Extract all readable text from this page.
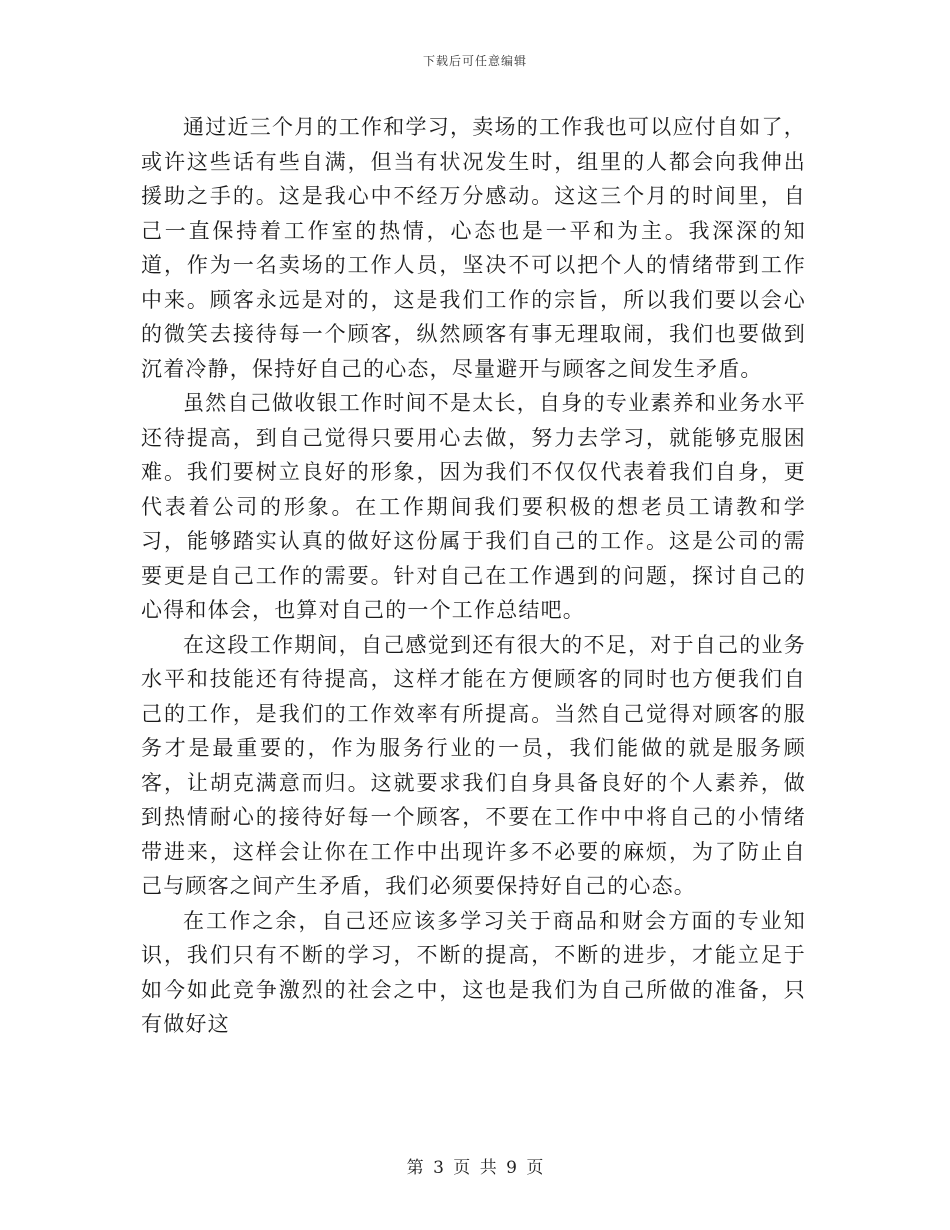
下载后可任意编辑

通过近三个月的工作和学习，卖场的工作我也可以应付自如了，或许这些话有些自满，但当有状况发生时，组里的人都会向我伸出援助之手的。这是我心中不经万分感动。这这三个月的时间里，自己一直保持着工作室的热情，心态也是一平和为主。我深深的知道，作为一名卖场的工作人员，坚决不可以把个人的情绪带到工作中来。顾客永远是对的，这是我们工作的宗旨，所以我们要以会心的微笑去接待每一个顾客，纵然顾客有事无理取闹，我们也要做到沉着冷静，保持好自己的心态，尽量避开与顾客之间发生矛盾。

虽然自己做收银工作时间不是太长，自身的专业素养和业务水平还待提高，到自己觉得只要用心去做，努力去学习，就能够克服困难。我们要树立良好的形象，因为我们不仅仅代表着我们自身，更代表着公司的形象。在工作期间我们要积极的想老员工请教和学习，能够踏实认真的做好这份属于我们自己的工作。这是公司的需要更是自己工作的需要。针对自己在工作遇到的问题，探讨自己的心得和体会，也算对自己的一个工作总结吧。

在这段工作期间，自己感觉到还有很大的不足，对于自己的业务水平和技能还有待提高，这样才能在方便顾客的同时也方便我们自己的工作，是我们的工作效率有所提高。当然自己觉得对顾客的服务才是最重要的，作为服务行业的一员，我们能做的就是服务顾客，让胡克满意而归。这就要求我们自身具备良好的个人素养，做到热情耐心的接待好每一个顾客，不要在工作中中将自己的小情绪带进来，这样会让你在工作中出现许多不必要的麻烦，为了防止自己与顾客之间产生矛盾，我们必须要保持好自己的心态。

在工作之余，自己还应该多学习关于商品和财会方面的专业知识，我们只有不断的学习，不断的提高，不断的进步，才能立足于如今如此竞争激烈的社会之中，这也是我们为自己所做的准备，只有做好这

第 3 页 共 9 页
